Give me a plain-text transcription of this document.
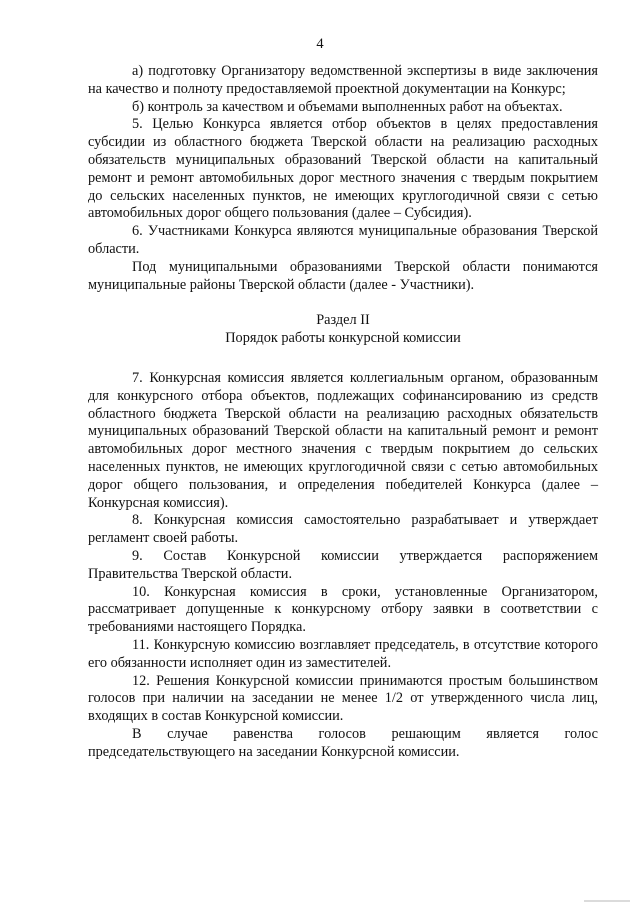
4

а) подготовку Организатору ведомственной экспертизы в виде заключения на качество и полноту предоставляемой проектной документации на Конкурс;

б) контроль за качеством и объемами выполненных работ на объектах.

5. Целью Конкурса является отбор объектов в целях предоставления субсидии из областного бюджета Тверской области на реализацию расходных обязательств муниципальных образований Тверской области на капитальный ремонт и ремонт автомобильных дорог местного значения с твердым покрытием до сельских населенных пунктов, не имеющих круглогодичной связи с сетью автомобильных дорог общего пользования (далее – Субсидия).

6. Участниками Конкурса являются муниципальные образования Тверской области.

Под муниципальными образованиями Тверской области понимаются муниципальные районы Тверской области (далее - Участники).

Раздел II

Порядок работы конкурсной комиссии

7. Конкурсная комиссия является коллегиальным органом, образованным для конкурсного отбора объектов, подлежащих софинансированию из средств областного бюджета Тверской области на реализацию расходных обязательств муниципальных образований Тверской области на капитальный ремонт и ремонт автомобильных дорог местного значения с твердым покрытием до сельских населенных пунктов, не имеющих круглогодичной связи с сетью автомобильных дорог общего пользования, и определения победителей Конкурса (далее – Конкурсная комиссия).

8. Конкурсная комиссия самостоятельно разрабатывает и утверждает регламент своей работы.

9. Состав Конкурсной комиссии утверждается распоряжением Правительства Тверской области.

10. Конкурсная комиссия в сроки, установленные Организатором, рассматривает допущенные к конкурсному отбору заявки в соответствии с требованиями настоящего Порядка.

11. Конкурсную комиссию возглавляет председатель, в отсутствие которого его обязанности исполняет один из заместителей.

12. Решения Конкурсной комиссии принимаются простым большинством голосов при наличии на заседании не менее 1/2 от утвержденного числа лиц, входящих в состав Конкурсной комиссии.

В случае равенства голосов решающим является голос председательствующего на заседании Конкурсной комиссии.
